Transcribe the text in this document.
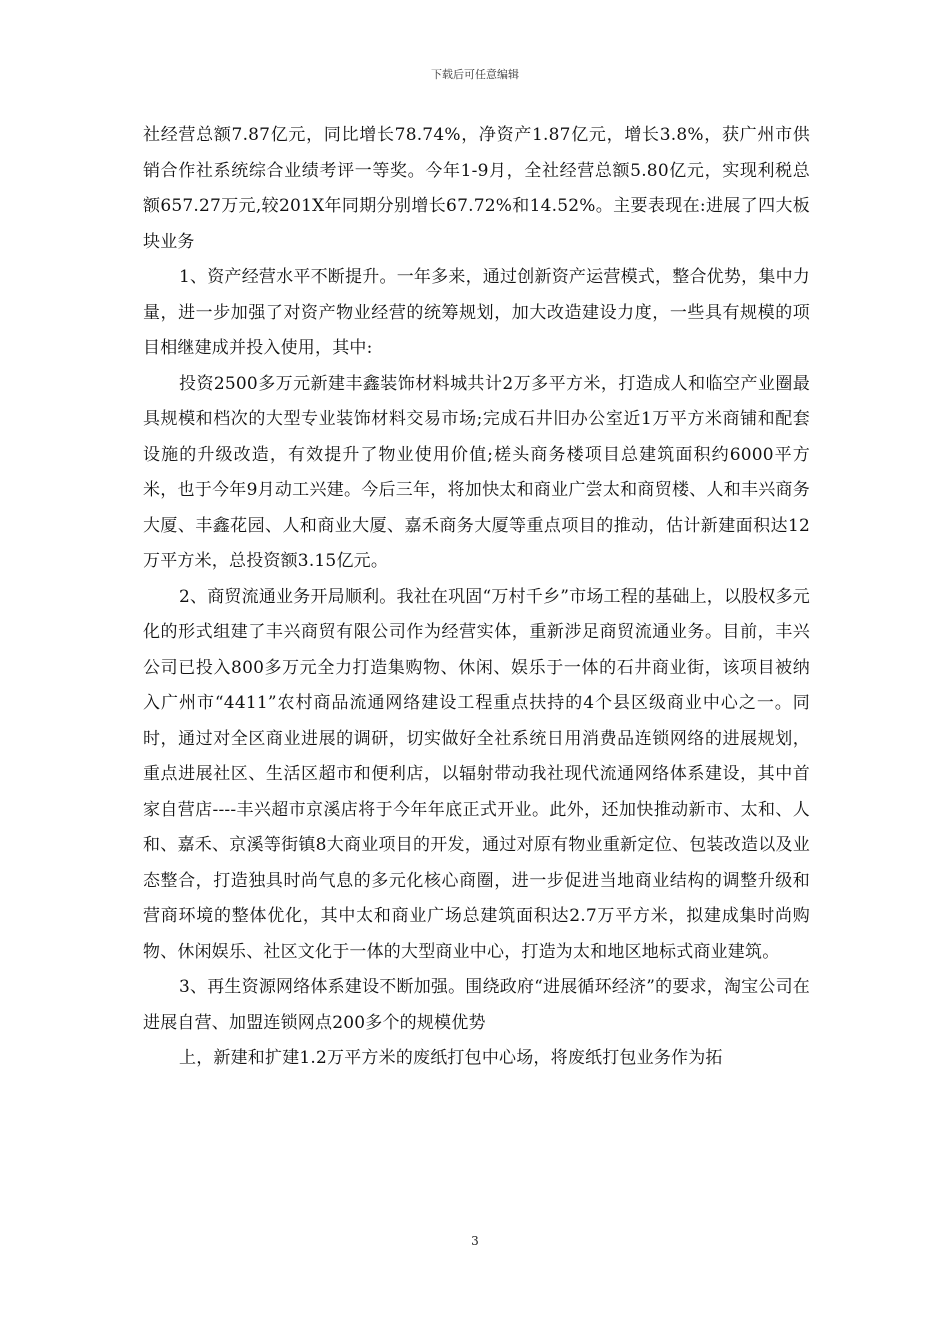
下载后可任意编辑

社经营总额7.87亿元，同比增长78.74%，净资产1.87亿元，增长3.8%，获广州市供销合作社系统综合业绩考评一等奖。今年1-9月，全社经营总额5.80亿元，实现利税总额657.27万元,较201X年同期分别增长67.72%和14.52%。主要表现在:进展了四大板块业务

1、资产经营水平不断提升。一年多来，通过创新资产运营模式，整合优势，集中力量，进一步加强了对资产物业经营的统筹规划，加大改造建设力度，一些具有规模的项目相继建成并投入使用，其中:

投资2500多万元新建丰鑫装饰材料城共计2万多平方米，打造成人和临空产业圈最具规模和档次的大型专业装饰材料交易市场;完成石井旧办公室近1万平方米商铺和配套设施的升级改造，有效提升了物业使用价值;槎头商务楼项目总建筑面积约6000平方米，也于今年9月动工兴建。今后三年，将加快太和商业广尝太和商贸楼、人和丰兴商务大厦、丰鑫花园、人和商业大厦、嘉禾商务大厦等重点项目的推动，估计新建面积达12万平方米，总投资额3.15亿元。

2、商贸流通业务开局顺利。我社在巩固“万村千乡”市场工程的基础上，以股权多元化的形式组建了丰兴商贸有限公司作为经营实体，重新涉足商贸流通业务。目前，丰兴公司已投入800多万元全力打造集购物、休闲、娱乐于一体的石井商业街，该项目被纳入广州市“4411”农村商品流通网络建设工程重点扶持的4个县区级商业中心之一。同时，通过对全区商业进展的调研，切实做好全社系统日用消费品连锁网络的进展规划，重点进展社区、生活区超市和便利店，以辐射带动我社现代流通网络体系建设，其中首家自营店----丰兴超市京溪店将于今年年底正式开业。此外，还加快推动新市、太和、人和、嘉禾、京溪等街镇8大商业项目的开发，通过对原有物业重新定位、包装改造以及业态整合，打造独具时尚气息的多元化核心商圈，进一步促进当地商业结构的调整升级和营商环境的整体优化，其中太和商业广场总建筑面积达2.7万平方米，拟建成集时尚购物、休闲娱乐、社区文化于一体的大型商业中心，打造为太和地区地标式商业建筑。

3、再生资源网络体系建设不断加强。围绕政府“进展循环经济”的要求，淘宝公司在进展自营、加盟连锁网点200多个的规模优势

上，新建和扩建1.2万平方米的废纸打包中心场，将废纸打包业务作为拓

3
